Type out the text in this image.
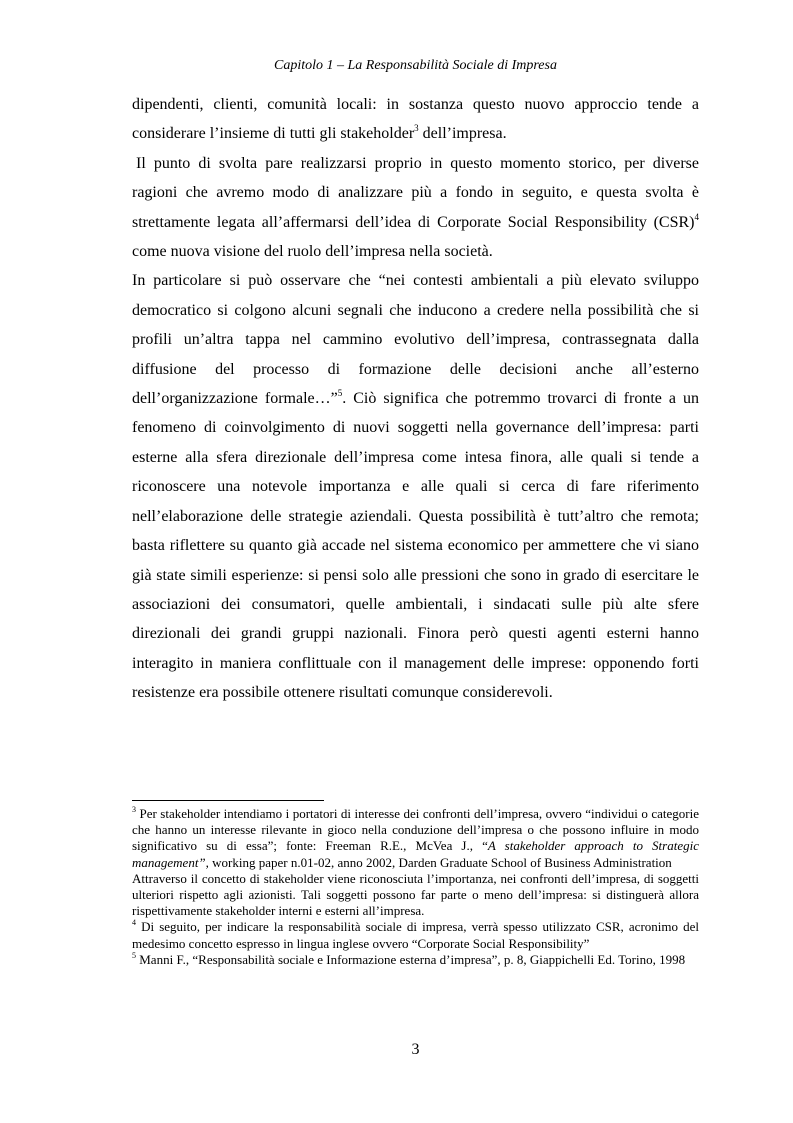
Capitolo 1 – La Responsabilità Sociale di Impresa

dipendenti, clienti, comunità locali: in sostanza questo nuovo approccio tende a considerare l’insieme di tutti gli stakeholder$^3$ dell’impresa.

Il punto di svolta pare realizzarsi proprio in questo momento storico, per diverse ragioni che avremo modo di analizzare più a fondo in seguito, e questa svolta è strettamente legata all’affermarsi dell’idea di Corporate Social Responsibility (CSR)$^4$ come nuova visione del ruolo dell’impresa nella società.

In particolare si può osservare che “nei contesti ambientali a più elevato sviluppo democratico si colgono alcuni segnali che inducono a credere nella possibilità che si profili un’altra tappa nel cammino evolutivo dell’impresa, contrassegnata dalla diffusione del processo di formazione delle decisioni anche all’esterno dell’organizzazione formale…”$^5$. Ciò significa che potremmo trovarci di fronte a un fenomeno di coinvolgimento di nuovi soggetti nella governance dell’impresa: parti esterne alla sfera direzionale dell’impresa come intesa finora, alle quali si tende a riconoscere una notevole importanza e alle quali si cerca di fare riferimento nell’elaborazione delle strategie aziendali. Questa possibilità è tutt’altro che remota; basta riflettere su quanto già accade nel sistema economico per ammettere che vi siano già state simili esperienze: si pensi solo alle pressioni che sono in grado di esercitare le associazioni dei consumatori, quelle ambientali, i sindacati sulle più alte sfere direzionali dei grandi gruppi nazionali. Finora però questi agenti esterni hanno interagito in maniera conflittuale con il management delle imprese: opponendo forti resistenze era possibile ottenere risultati comunque considerevoli.

$^3$ Per stakeholder intendiamo i portatori di interesse dei confronti dell’impresa, ovvero “individui o categorie che hanno un interesse rilevante in gioco nella conduzione dell’impresa o che possono influire in modo significativo su di essa”; fonte: Freeman R.E., McVea J., “A stakeholder approach to Strategic management”, working paper n.01-02, anno 2002, Darden Graduate School of Business Administration

Attraverso il concetto di stakeholder viene riconosciuta l’importanza, nei confronti dell’impresa, di soggetti ulteriori rispetto agli azionisti. Tali soggetti possono far parte o meno dell’impresa: si distinguerà allora rispettivamente stakeholder interni e esterni all’impresa.

$^4$ Di seguito, per indicare la responsabilità sociale di impresa, verrà spesso utilizzato CSR, acronimo del medesimo concetto espresso in lingua inglese ovvero “Corporate Social Responsibility”

$^5$ Manni F., “Responsabilità sociale e Informazione esterna d’impresa”, p. 8, Giappichelli Ed. Torino, 1998

3
